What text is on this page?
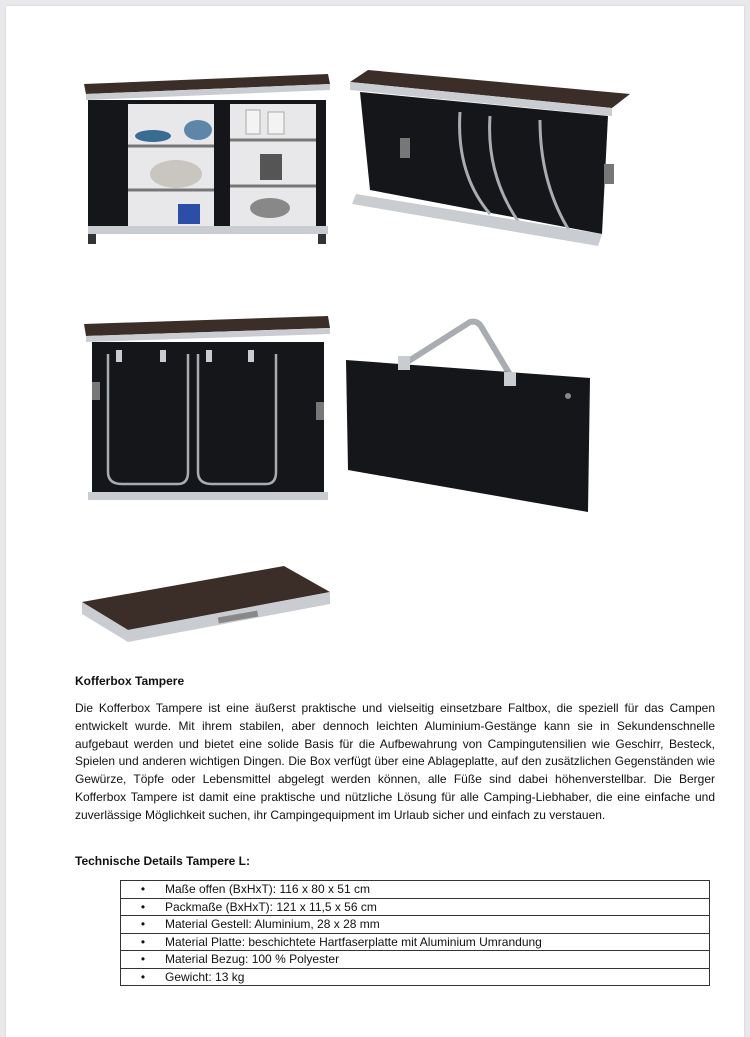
Kofferbox Tampere
Die Kofferbox Tampere ist eine äußerst praktische und vielseitig einsetzbare Faltbox, die speziell für das Campen entwickelt wurde. Mit ihrem stabilen, aber dennoch leichten Aluminium-Gestänge kann sie in Sekundenschnelle aufgebaut werden und bietet eine solide Basis für die Aufbewahrung von Campingutensilien wie Geschirr, Besteck, Spielen und anderen wichtigen Dingen. Die Box verfügt über eine Ablageplatte, auf den zusätzlichen Gegenständen wie Gewürze, Töpfe oder Lebensmittel abgelegt werden können, alle Füße sind dabei höhenverstellbar. Die Berger Kofferbox Tampere ist damit eine praktische und nützliche Lösung für alle Camping-Liebhaber, die eine einfache und zuverlässige Möglichkeit suchen, ihr Campingequipment im Urlaub sicher und einfach zu verstauen.
Technische Details Tampere L:
•	Maße offen (BxHxT): 116 x 80 x 51 cm
•	Packmaße (BxHxT): 121 x 11,5 x 56 cm
•	Material Gestell: Aluminium, 28 x 28 mm
•	Material Platte: beschichtete Hartfaserplatte mit Aluminium Umrandung
•	Material Bezug: 100 % Polyester
•	Gewicht: 13 kg
